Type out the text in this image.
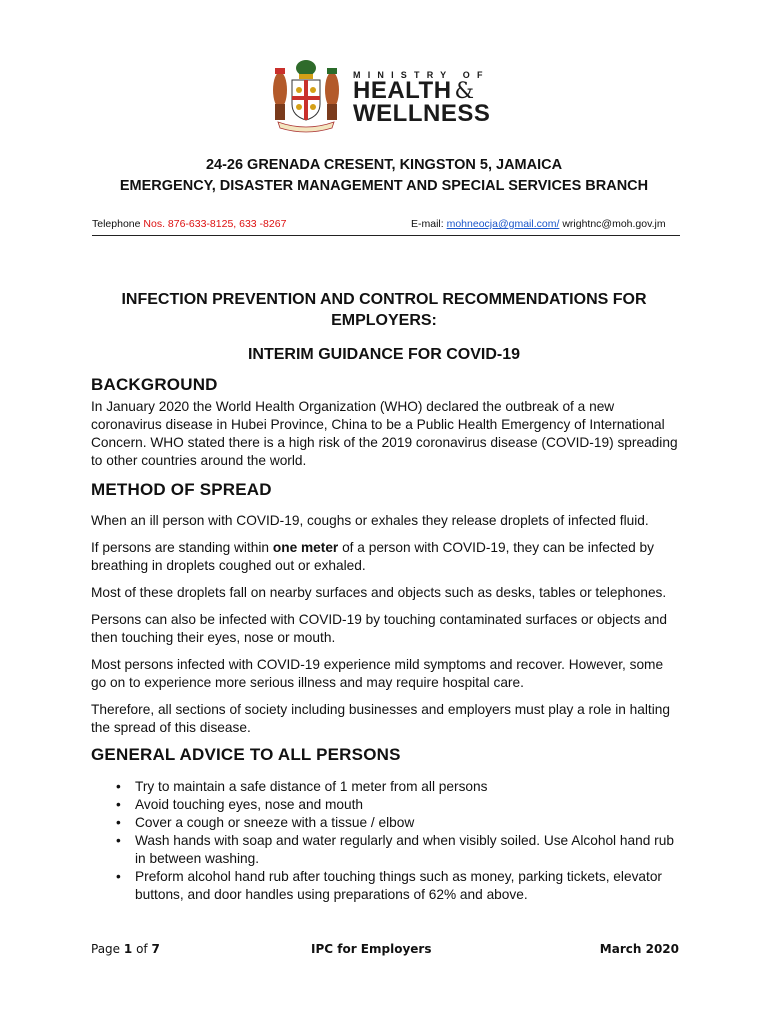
MINISTRY OF
HEALTH &
WELLNESS
24-26 GRENADA CRESENT, KINGSTON 5, JAMAICA
EMERGENCY, DISASTER MANAGEMENT AND SPECIAL SERVICES BRANCH
Telephone Nos. 876-633-8125, 633 -8267	E-mail: mohneocja@gmail.com/ wrightnc@moh.gov.jm
INFECTION PREVENTION AND CONTROL RECOMMENDATIONS FOR EMPLOYERS:
INTERIM GUIDANCE FOR COVID-19
BACKGROUND
In January 2020 the World Health Organization (WHO) declared the outbreak of a new coronavirus disease in Hubei Province, China to be a Public Health Emergency of International Concern. WHO stated there is a high risk of the 2019 coronavirus disease (COVID-19) spreading to other countries around the world.
METHOD OF SPREAD
When an ill person with COVID-19, coughs or exhales they release droplets of infected fluid.
If persons are standing within one meter of a person with COVID-19, they can be infected by breathing in droplets coughed out or exhaled.
Most of these droplets fall on nearby surfaces and objects such as desks, tables or telephones.
Persons can also be infected with COVID-19 by touching contaminated surfaces or objects and then touching their eyes, nose or mouth.
Most persons infected with COVID-19 experience mild symptoms and recover. However, some go on to experience more serious illness and may require hospital care.
Therefore, all sections of society including businesses and employers must play a role in halting the spread of this disease.
GENERAL ADVICE TO ALL PERSONS
• Try to maintain a safe distance of 1 meter from all persons
• Avoid touching eyes, nose and mouth
• Cover a cough or sneeze with a tissue / elbow
• Wash hands with soap and water regularly and when visibly soiled. Use Alcohol hand rub in between washing.
• Preform alcohol hand rub after touching things such as money, parking tickets, elevator buttons, and door handles using preparations of 62% and above.
Page 1 of 7	IPC for Employers	March 2020
